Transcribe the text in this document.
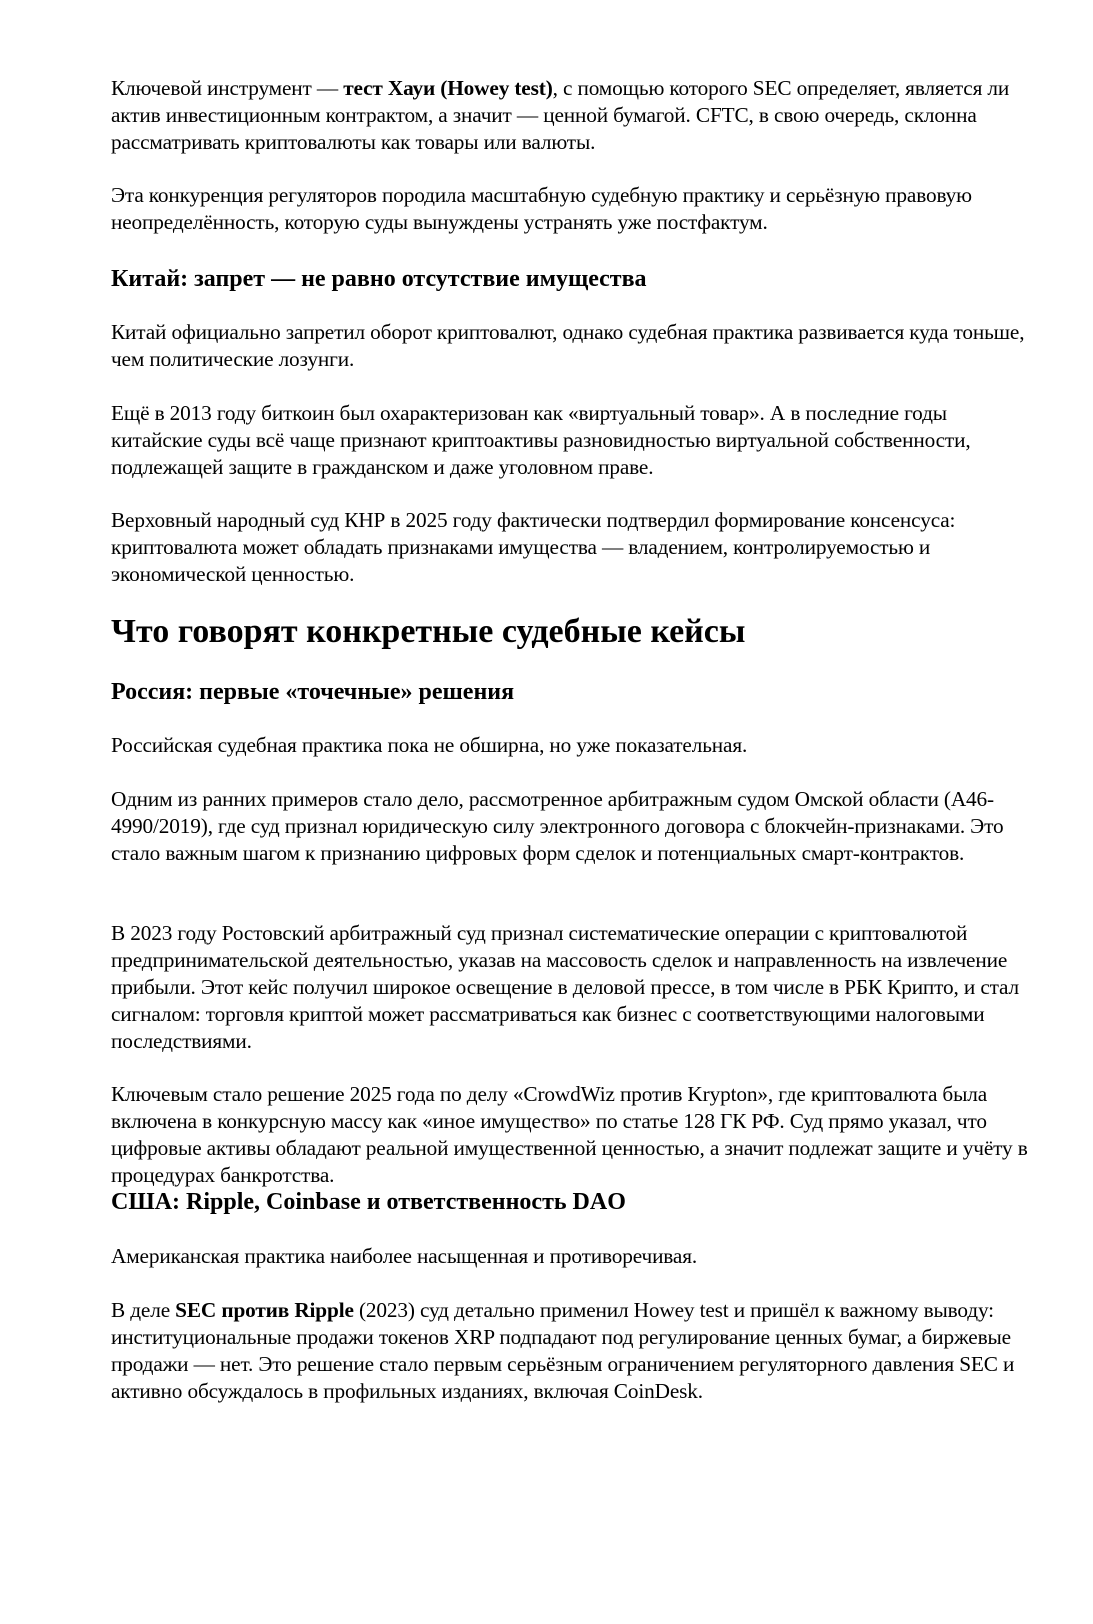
Ключевой инструмент — тест Хауи (Howey test), с помощью которого SEC определяет, является ли актив инвестиционным контрактом, а значит — ценной бумагой. CFTC, в свою очередь, склонна рассматривать криптовалюты как товары или валюты.

Эта конкуренция регуляторов породила масштабную судебную практику и серьёзную правовую неопределённость, которую суды вынуждены устранять уже постфактум.

Китай: запрет — не равно отсутствие имущества

Китай официально запретил оборот криптовалют, однако судебная практика развивается куда тоньше, чем политические лозунги.

Ещё в 2013 году биткоин был охарактеризован как «виртуальный товар». А в последние годы китайские суды всё чаще признают криптоактивы разновидностью виртуальной собственности, подлежащей защите в гражданском и даже уголовном праве.

Верховный народный суд КНР в 2025 году фактически подтвердил формирование консенсуса: криптовалюта может обладать признаками имущества — владением, контролируемостью и экономической ценностью.

Что говорят конкретные судебные кейсы
Россия: первые «точечные» решения

Российская судебная практика пока не обширна, но уже показательная.

Одним из ранних примеров стало дело, рассмотренное арбитражным судом Омской области (А46-4990/2019), где суд признал юридическую силу электронного договора с блокчейн-признаками. Это стало важным шагом к признанию цифровых форм сделок и потенциальных смарт-контрактов.

В 2023 году Ростовский арбитражный суд признал систематические операции с криптовалютой предпринимательской деятельностью, указав на массовость сделок и направленность на извлечение прибыли. Этот кейс получил широкое освещение в деловой прессе, в том числе в РБК Крипто, и стал сигналом: торговля криптой может рассматриваться как бизнес с соответствующими налоговыми последствиями.

Ключевым стало решение 2025 года по делу «CrowdWiz против Krypton», где криптовалюта была включена в конкурсную массу как «иное имущество» по статье 128 ГК РФ. Суд прямо указал, что цифровые активы обладают реальной имущественной ценностью, а значит подлежат защите и учёту в процедурах банкротства.

США: Ripple, Coinbase и ответственность DAO

Американская практика наиболее насыщенная и противоречивая.

В деле SEC против Ripple (2023) суд детально применил Howey test и пришёл к важному выводу: институциональные продажи токенов XRP подпадают под регулирование ценных бумаг, а биржевые продажи — нет. Это решение стало первым серьёзным ограничением регуляторного давления SEC и активно обсуждалось в профильных изданиях, включая CoinDesk.
